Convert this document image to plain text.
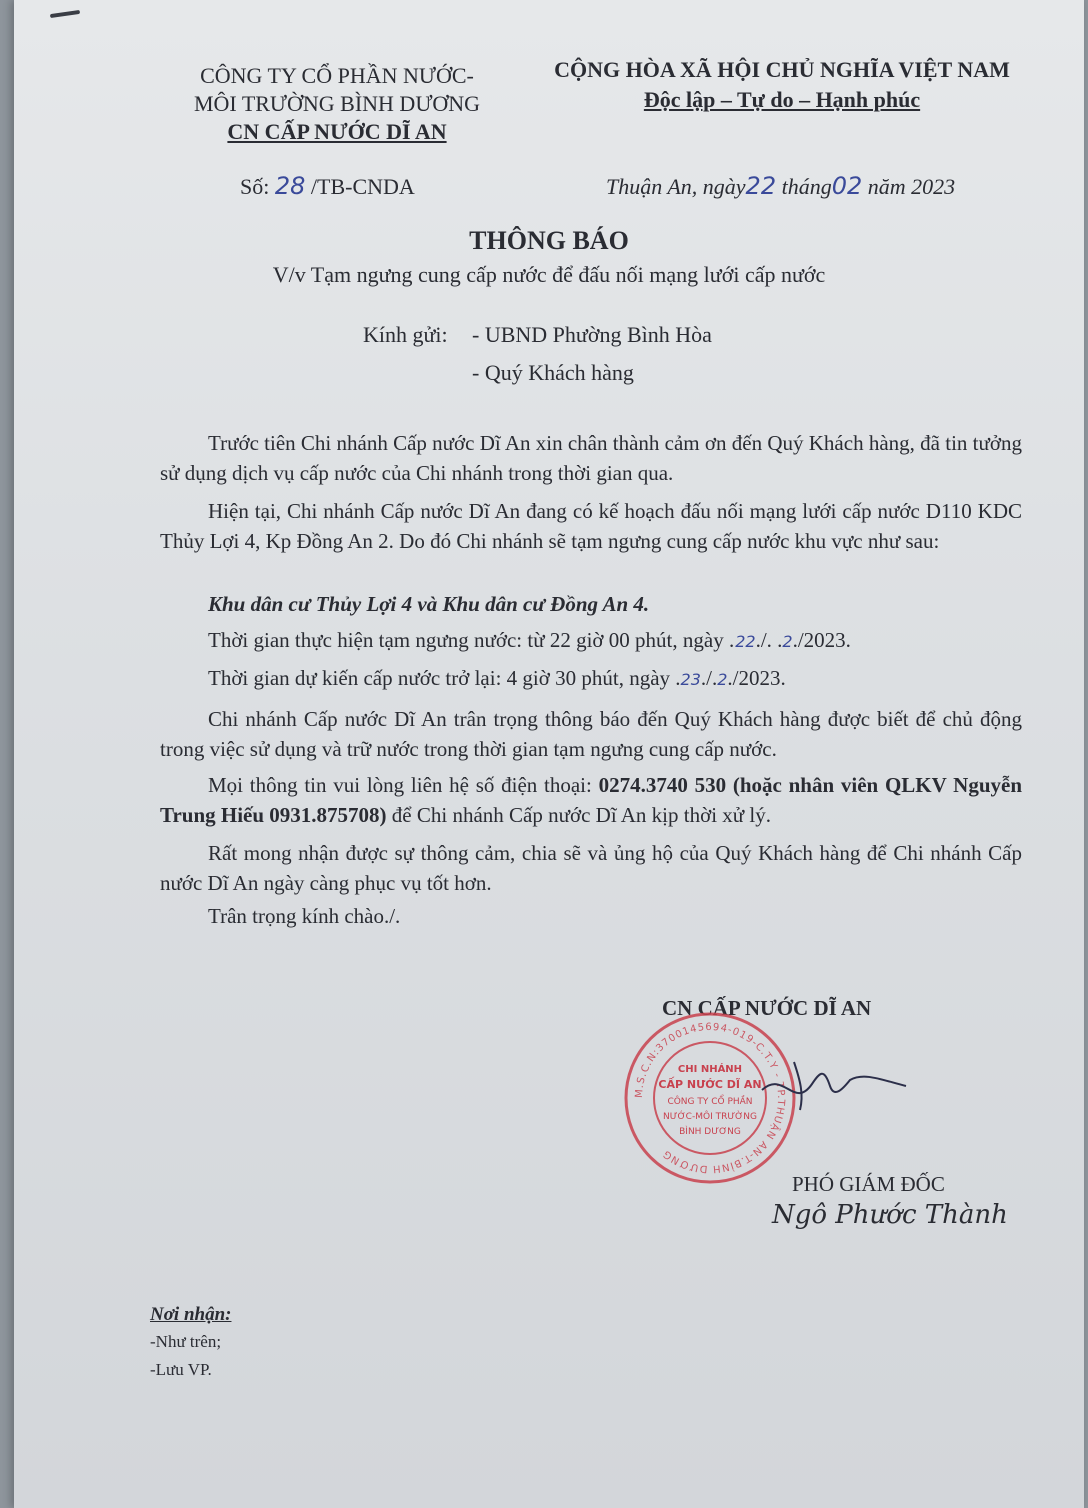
CÔNG TY CỔ PHẦN NƯỚC-
MÔI TRƯỜNG BÌNH DƯƠNG
CN CẤP NƯỚC DĨ AN
CỘNG HÒA XÃ HỘI CHỦ NGHĨA VIỆT NAM
Độc lập – Tự do – Hạnh phúc
Số: 28 /TB-CNDA	Thuận An, ngày22 tháng02 năm 2023
THÔNG BÁO
V/v Tạm ngưng cung cấp nước để đấu nối mạng lưới cấp nước
Kính gửi: - UBND Phường Bình Hòa
- Quý Khách hàng
Trước tiên Chi nhánh Cấp nước Dĩ An xin chân thành cảm ơn đến Quý Khách hàng, đã tin tưởng sử dụng dịch vụ cấp nước của Chi nhánh trong thời gian qua.
Hiện tại, Chi nhánh Cấp nước Dĩ An đang có kế hoạch đấu nối mạng lưới cấp nước D110 KDC Thủy Lợi 4, Kp Đồng An 2. Do đó Chi nhánh sẽ tạm ngưng cung cấp nước khu vực như sau:
Khu dân cư Thủy Lợi 4 và Khu dân cư Đồng An 4.
Thời gian thực hiện tạm ngưng nước: từ 22 giờ 00 phút, ngày .22./. .2./2023.
Thời gian dự kiến cấp nước trở lại: 4 giờ 30 phút, ngày .23./.2./2023.
Chi nhánh Cấp nước Dĩ An trân trọng thông báo đến Quý Khách hàng được biết để chủ động trong việc sử dụng và trữ nước trong thời gian tạm ngưng cung cấp nước.
Mọi thông tin vui lòng liên hệ số điện thoại: 0274.3740 530 (hoặc nhân viên QLKV Nguyễn Trung Hiếu 0931.875708) để Chi nhánh Cấp nước Dĩ An kịp thời xử lý.
Rất mong nhận được sự thông cảm, chia sẽ và ủng hộ của Quý Khách hàng để Chi nhánh Cấp nước Dĩ An ngày càng phục vụ tốt hơn.
Trân trọng kính chào./.
CN CẤP NƯỚC DĨ AN
M.S.C.N:3700145694-019-C.T.Y - TP.THUẬN AN-T.BÌNH DƯƠNG
CHI NHÁNH
CẤP NƯỚC DĨ AN
CÔNG TY CỔ PHẦN
NƯỚC-MÔI TRƯỜNG
BÌNH DƯƠNG
PHÓ GIÁM ĐỐC
Ngô Phước Thành
Nơi nhận:
-Như trên;
-Lưu VP.
